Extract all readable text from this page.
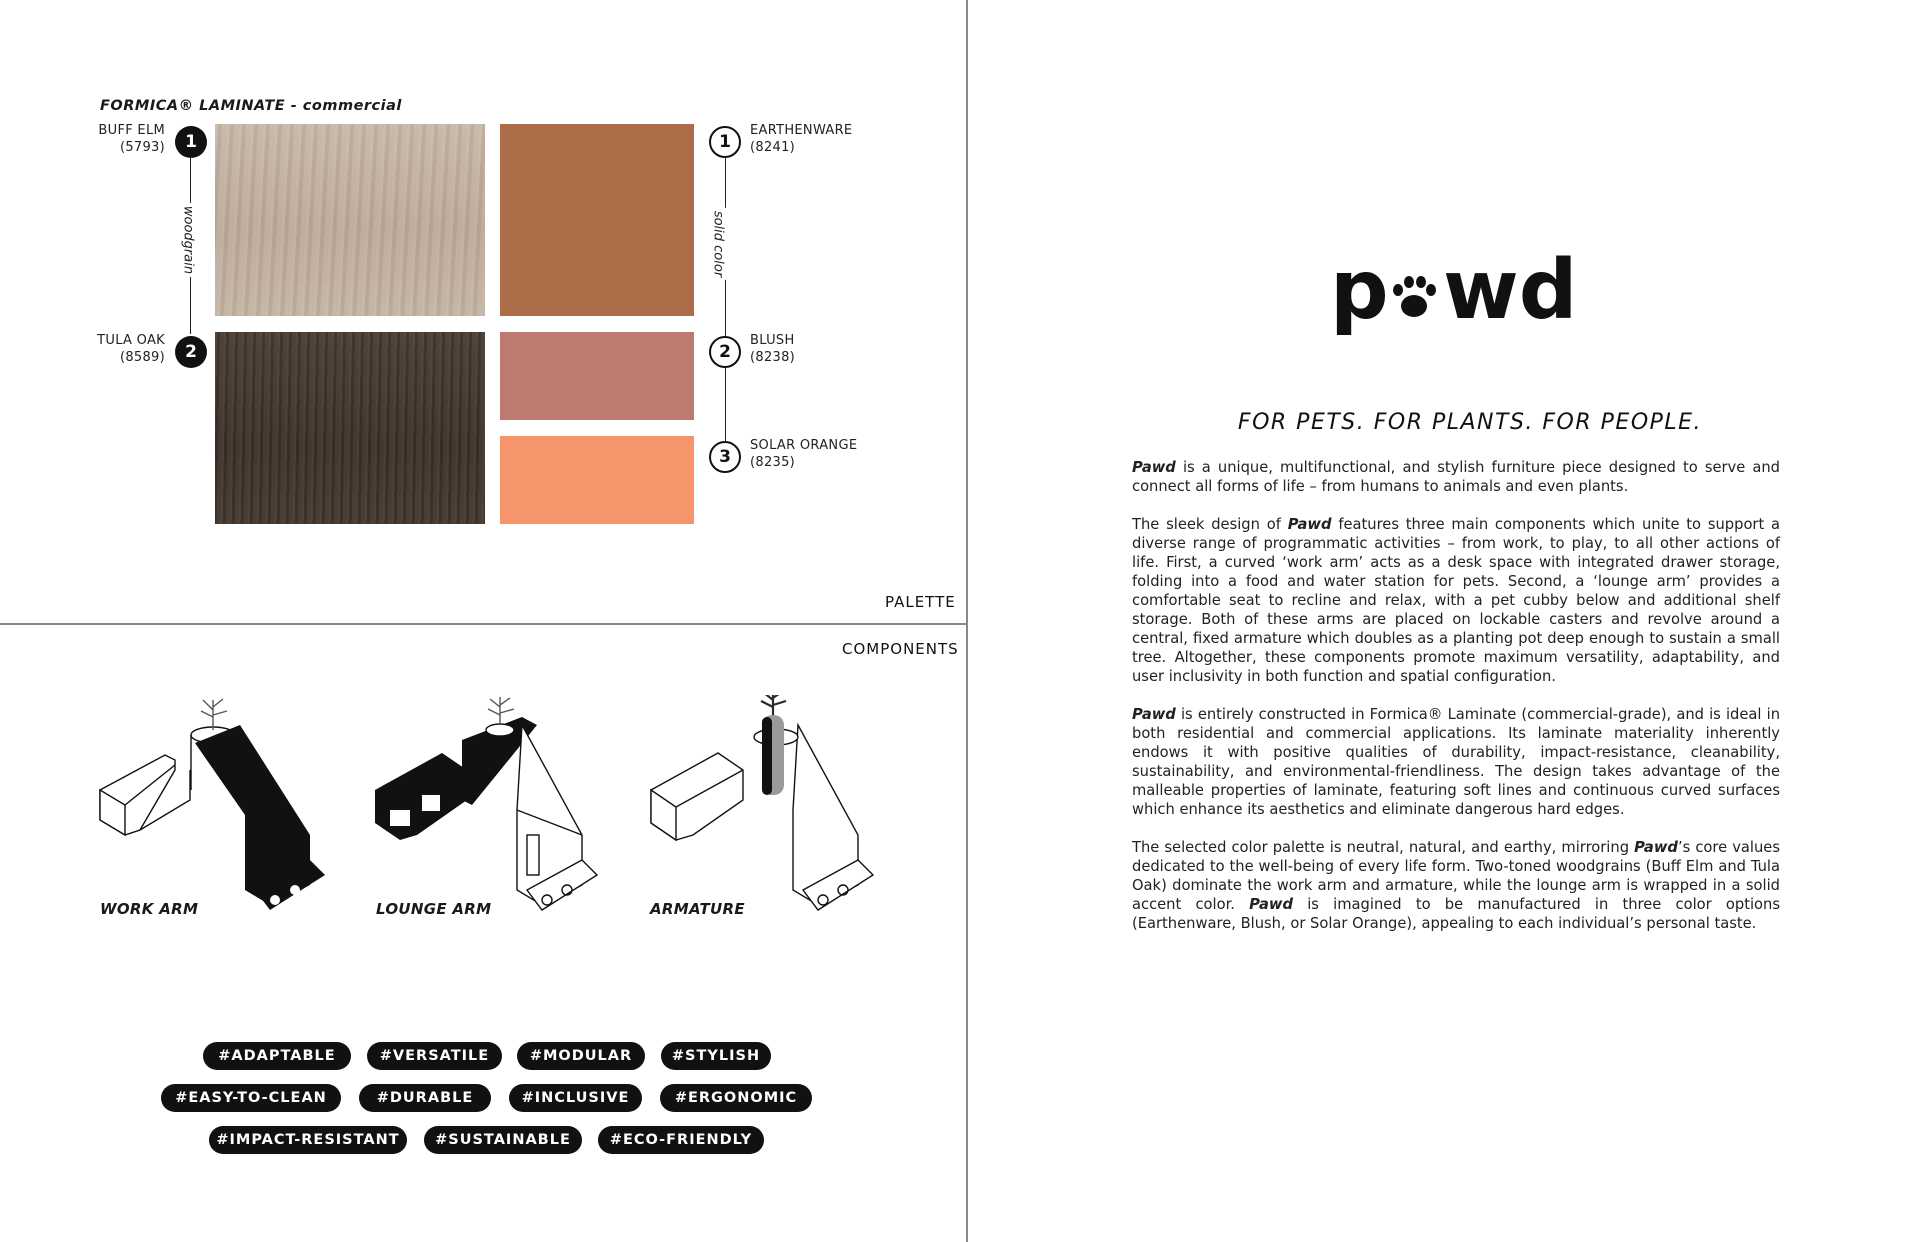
FORMICA® LAMINATE - commercial
woodgrain
1
2
BUFF ELM
(5793)
TULA OAK
(8589)
solid color
1
2
3
EARTHENWARE
(8241)
BLUSH
(8238)
SOLAR ORANGE
(8235)
PALETTE
COMPONENTS
WORK ARM	LOUNGE ARM	ARMATURE
#ADAPTABLE	#VERSATILE	#MODULAR	#STYLISH
#EASY-TO-CLEAN	#DURABLE	#INCLUSIVE	#ERGONOMIC
#IMPACT-RESISTANT	#SUSTAINABLE	#ECO-FRIENDLY
p wd
FOR PETS. FOR PLANTS. FOR PEOPLE.

Pawd is a unique, multifunctional, and stylish furniture piece designed to serve and connect all forms of life – from humans to animals and even plants.

The sleek design of Pawd features three main components which unite to support a diverse range of programmatic activities – from work, to play, to all other actions of life. First, a curved ‘work arm’ acts as a desk space with integrated drawer storage, folding into a food and water station for pets. Second, a ‘lounge arm’ provides a comfortable seat to recline and relax, with a pet cubby below and additional shelf storage. Both of these arms are placed on lockable casters and revolve around a central, fixed armature which doubles as a planting pot deep enough to sustain a small tree. Altogether, these components promote maximum versatility, adaptability, and user inclusivity in both function and spatial configuration.

Pawd is entirely constructed in Formica® Laminate (commercial-grade), and is ideal in both residential and commercial applications. Its laminate materiality inherently endows it with positive qualities of durability, impact-resistance, cleanability, sustainability, and environmental-friendliness. The design takes advantage of the malleable properties of laminate, featuring soft lines and continuous curved surfaces which enhance its aesthetics and eliminate dangerous hard edges.

The selected color palette is neutral, natural, and earthy, mirroring Pawd’s core values dedicated to the well-being of every life form. Two-toned woodgrains (Buff Elm and Tula Oak) dominate the work arm and armature, while the lounge arm is wrapped in a solid accent color. Pawd is imagined to be manufactured in three color options (Earthenware, Blush, or Solar Orange), appealing to each individual’s personal taste.
